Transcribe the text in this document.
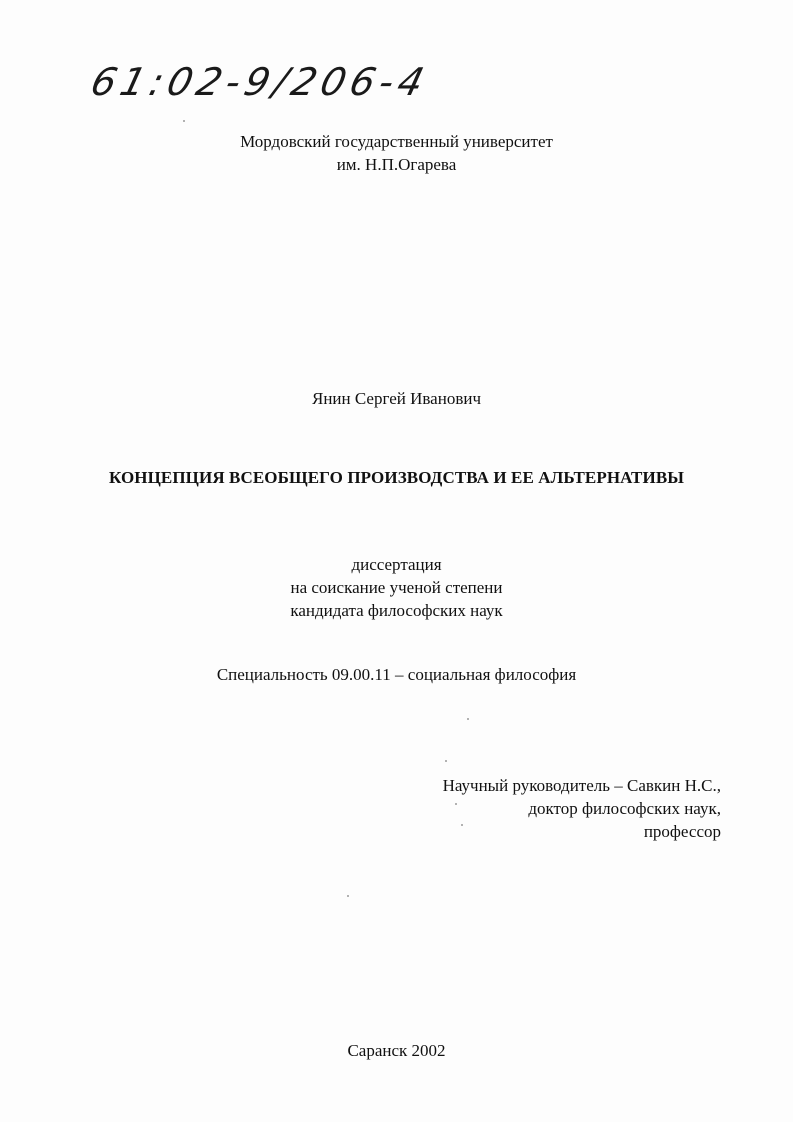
61:02-9/206-4
Мордовский государственный университет
им. Н.П.Огарева
Янин Сергей Иванович
КОНЦЕПЦИЯ ВСЕОБЩЕГО ПРОИЗВОДСТВА И ЕЕ АЛЬТЕРНАТИВЫ
диссертация
на соискание ученой степени
кандидата философских наук
Специальность 09.00.11 – социальная философия
Научный руководитель – Савкин Н.С.,
доктор философских наук,
профессор
Саранск 2002
